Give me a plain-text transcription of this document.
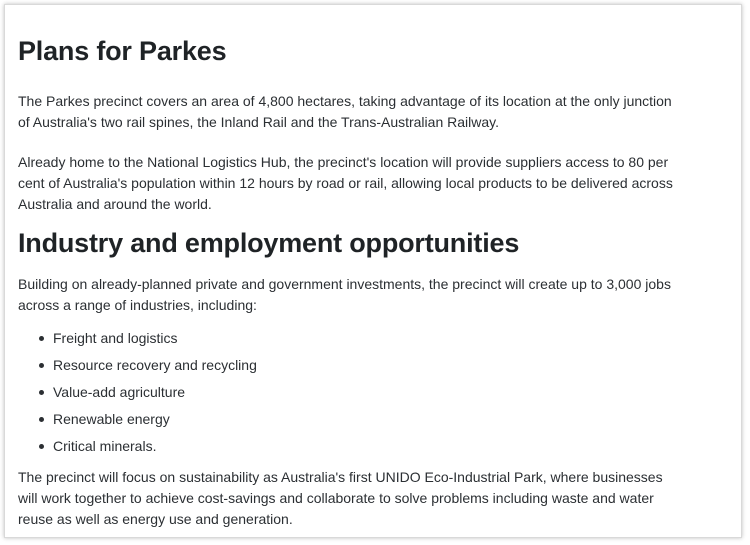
Plans for Parkes

The Parkes precinct covers an area of 4,800 hectares, taking advantage of its location at the only junction of Australia's two rail spines, the Inland Rail and the Trans-Australian Railway.

Already home to the National Logistics Hub, the precinct's location will provide suppliers access to 80 per cent of Australia's population within 12 hours by road or rail, allowing local products to be delivered across Australia and around the world.

Industry and employment opportunities

Building on already-planned private and government investments, the precinct will create up to 3,000 jobs across a range of industries, including:

Freight and logistics
Resource recovery and recycling
Value-add agriculture
Renewable energy
Critical minerals.

The precinct will focus on sustainability as Australia's first UNIDO Eco-Industrial Park, where businesses will work together to achieve cost-savings and collaborate to solve problems including waste and water reuse as well as energy use and generation.
